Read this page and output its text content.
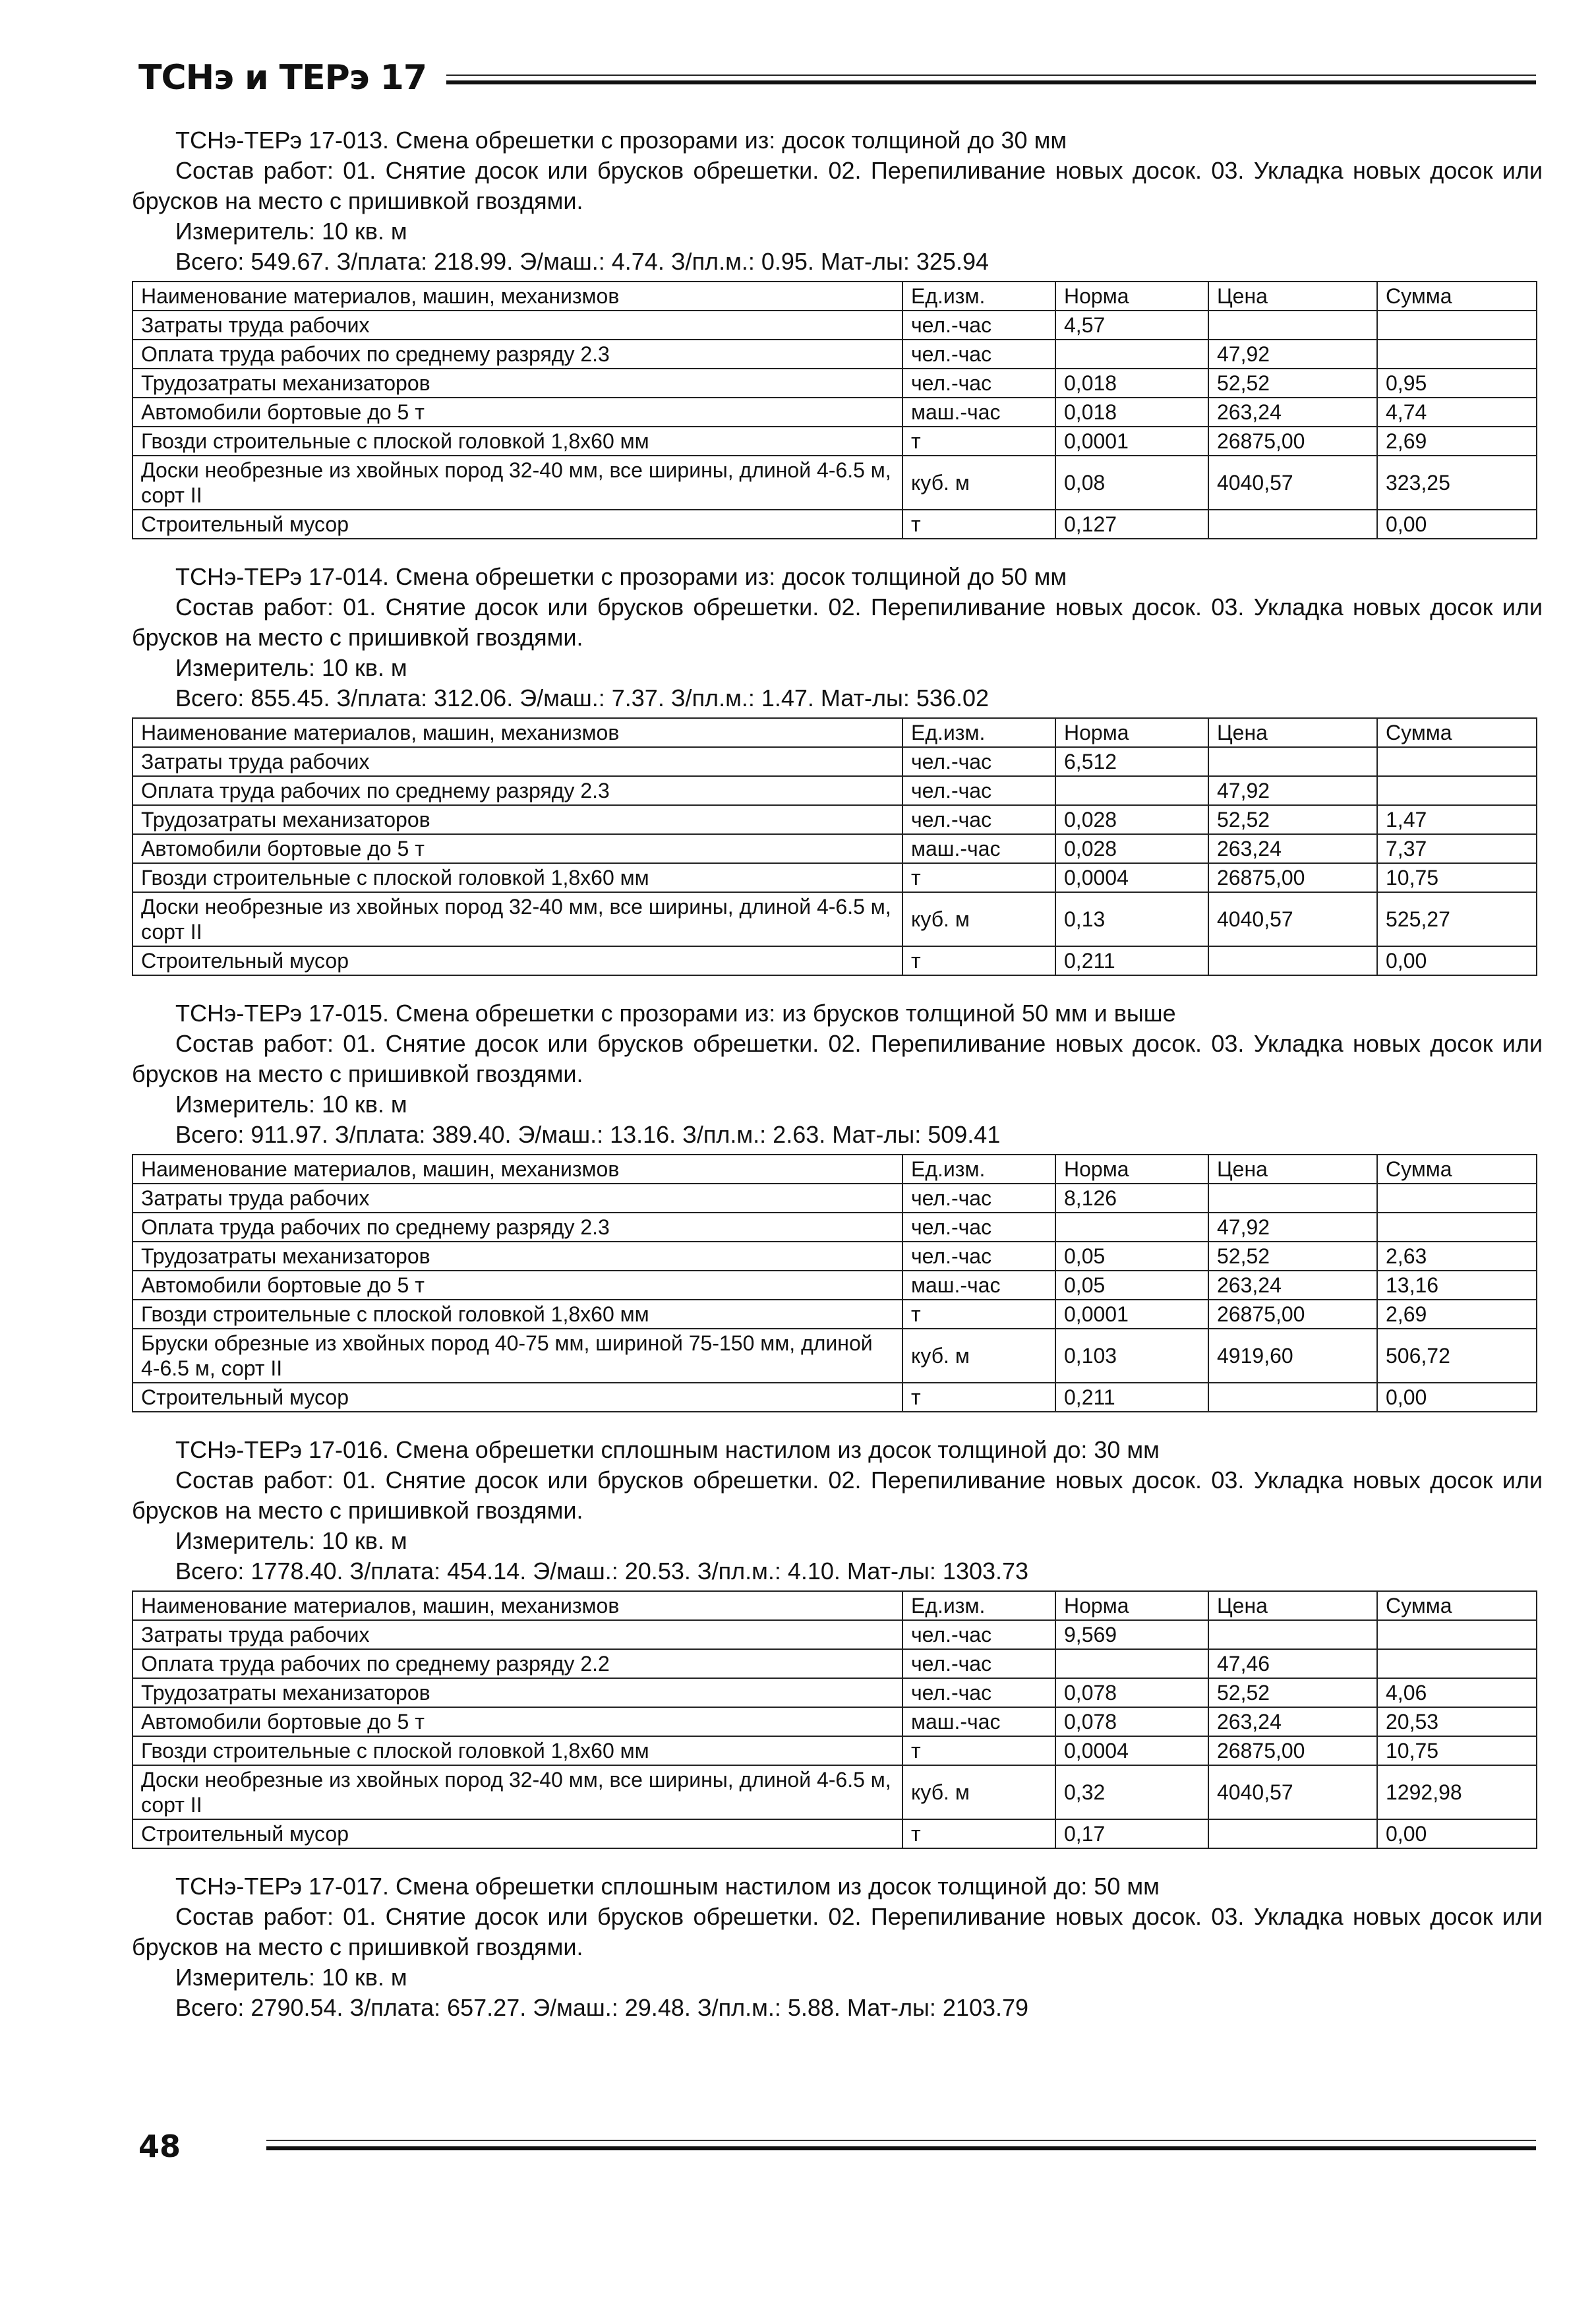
ТСНэ и ТЕРэ 17
ТСНэ-ТЕРэ 17-013. Смена обрешетки с прозорами из: досок толщиной до 30 мм
Состав работ: 01. Снятие досок или брусков обрешетки. 02. Перепиливание новых досок. 03. Укладка новых досок или брусков на место с пришивкой гвоздями.
Измеритель: 10 кв. м
Всего: 549.67. З/плата: 218.99. Э/маш.: 4.74. З/пл.м.: 0.95. Мат-лы: 325.94
Наименование материалов, машин, механизмов	Ед.изм.	Норма	Цена	Сумма
Затраты труда рабочих	чел.-час	4,57		
Оплата труда рабочих по среднему разряду 2.3	чел.-час		47,92	
Трудозатраты механизаторов	чел.-час	0,018	52,52	0,95
Автомобили бортовые до 5 т	маш.-час	0,018	263,24	4,74
Гвозди строительные с плоской головкой 1,8х60 мм	т	0,0001	26875,00	2,69
Доски необрезные из хвойных пород 32-40 мм, все ширины, длиной 4-6.5 м, сорт II	куб. м	0,08	4040,57	323,25
Строительный мусор	т	0,127		0,00
ТСНэ-ТЕРэ 17-014. Смена обрешетки с прозорами из: досок толщиной до 50 мм
Состав работ: 01. Снятие досок или брусков обрешетки. 02. Перепиливание новых досок. 03. Укладка новых досок или брусков на место с пришивкой гвоздями.
Измеритель: 10 кв. м
Всего: 855.45. З/плата: 312.06. Э/маш.: 7.37. З/пл.м.: 1.47. Мат-лы: 536.02
Наименование материалов, машин, механизмов	Ед.изм.	Норма	Цена	Сумма
Затраты труда рабочих	чел.-час	6,512		
Оплата труда рабочих по среднему разряду 2.3	чел.-час		47,92	
Трудозатраты механизаторов	чел.-час	0,028	52,52	1,47
Автомобили бортовые до 5 т	маш.-час	0,028	263,24	7,37
Гвозди строительные с плоской головкой 1,8х60 мм	т	0,0004	26875,00	10,75
Доски необрезные из хвойных пород 32-40 мм, все ширины, длиной 4-6.5 м, сорт II	куб. м	0,13	4040,57	525,27
Строительный мусор	т	0,211		0,00
ТСНэ-ТЕРэ 17-015. Смена обрешетки с прозорами из: из брусков толщиной 50 мм и выше
Состав работ: 01. Снятие досок или брусков обрешетки. 02. Перепиливание новых досок. 03. Укладка новых досок или брусков на место с пришивкой гвоздями.
Измеритель: 10 кв. м
Всего: 911.97. З/плата: 389.40. Э/маш.: 13.16. З/пл.м.: 2.63. Мат-лы: 509.41
Наименование материалов, машин, механизмов	Ед.изм.	Норма	Цена	Сумма
Затраты труда рабочих	чел.-час	8,126		
Оплата труда рабочих по среднему разряду 2.3	чел.-час		47,92	
Трудозатраты механизаторов	чел.-час	0,05	52,52	2,63
Автомобили бортовые до 5 т	маш.-час	0,05	263,24	13,16
Гвозди строительные с плоской головкой 1,8х60 мм	т	0,0001	26875,00	2,69
Бруски обрезные из хвойных пород 40-75 мм, шириной 75-150 мм, длиной 4-6.5 м, сорт II	куб. м	0,103	4919,60	506,72
Строительный мусор	т	0,211		0,00
ТСНэ-ТЕРэ 17-016. Смена обрешетки сплошным настилом из досок толщиной до: 30 мм
Состав работ: 01. Снятие досок или брусков обрешетки. 02. Перепиливание новых досок. 03. Укладка новых досок или брусков на место с пришивкой гвоздями.
Измеритель: 10 кв. м
Всего: 1778.40. З/плата: 454.14. Э/маш.: 20.53. З/пл.м.: 4.10. Мат-лы: 1303.73
Наименование материалов, машин, механизмов	Ед.изм.	Норма	Цена	Сумма
Затраты труда рабочих	чел.-час	9,569		
Оплата труда рабочих по среднему разряду 2.2	чел.-час		47,46	
Трудозатраты механизаторов	чел.-час	0,078	52,52	4,06
Автомобили бортовые до 5 т	маш.-час	0,078	263,24	20,53
Гвозди строительные с плоской головкой 1,8х60 мм	т	0,0004	26875,00	10,75
Доски необрезные из хвойных пород 32-40 мм, все ширины, длиной 4-6.5 м, сорт II	куб. м	0,32	4040,57	1292,98
Строительный мусор	т	0,17		0,00
ТСНэ-ТЕРэ 17-017. Смена обрешетки сплошным настилом из досок толщиной до: 50 мм
Состав работ: 01. Снятие досок или брусков обрешетки. 02. Перепиливание новых досок. 03. Укладка новых досок или брусков на место с пришивкой гвоздями.
Измеритель: 10 кв. м
Всего: 2790.54. З/плата: 657.27. Э/маш.: 29.48. З/пл.м.: 5.88. Мат-лы: 2103.79
48
